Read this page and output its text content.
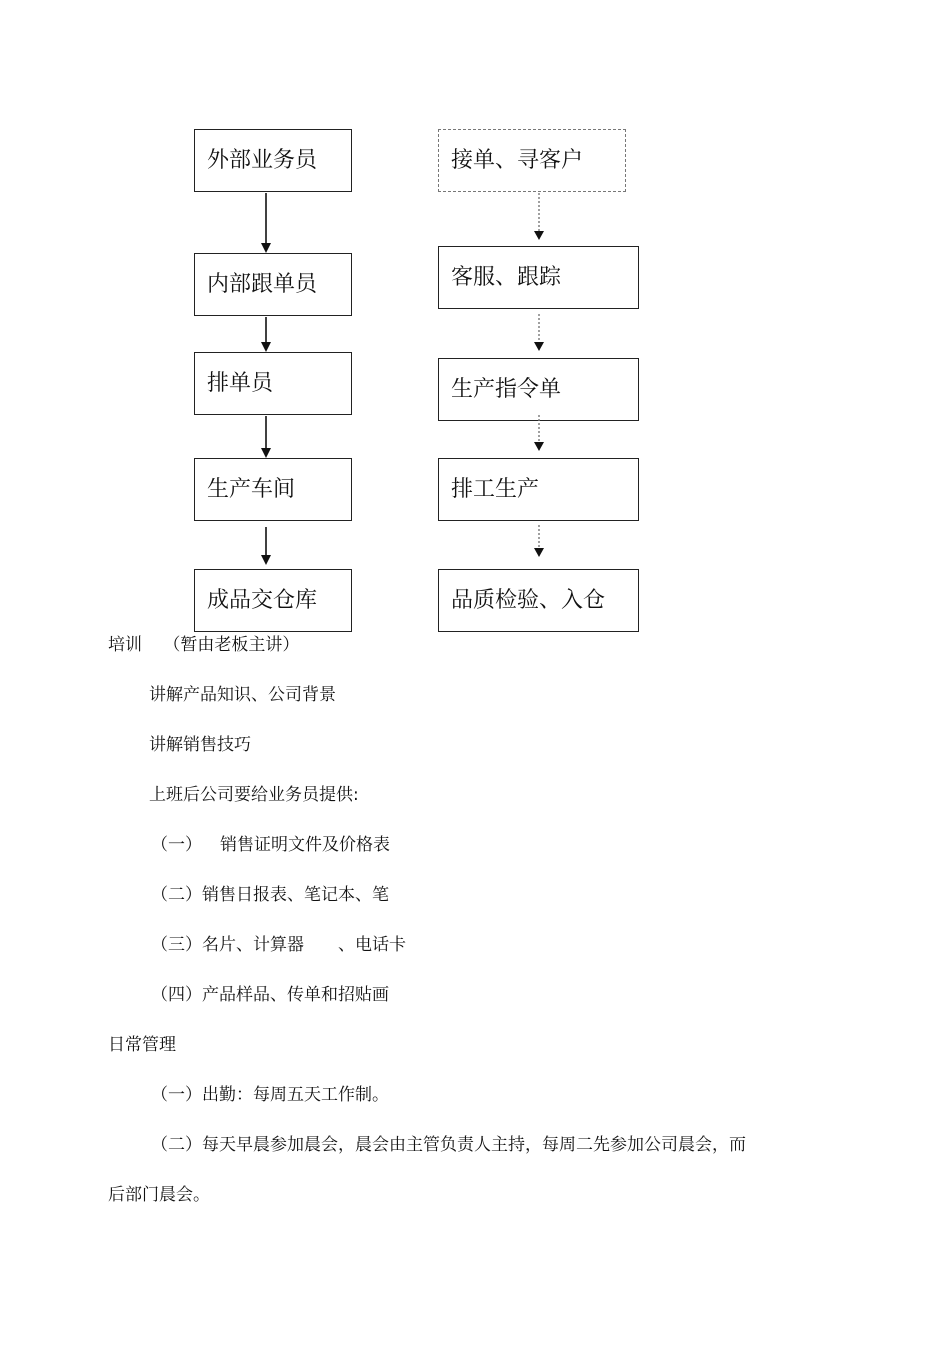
外部业务员
内部跟单员
排单员
生产车间
成品交仓库
接单、寻客户
客服、跟踪
生产指令单
排工生产
品质检验、入仓
培训 （暂由老板主讲）
讲解产品知识、公司背景
讲解销售技巧
上班后公司要给业务员提供:
（一） 销售证明文件及价格表
（二）销售日报表、笔记本、笔
（三）名片、计算器　　、电话卡
（四）产品样品、传单和招贴画
日常管理
（一）出勤：每周五天工作制。
（二）每天早晨参加晨会，晨会由主管负责人主持，每周二先参加公司晨会，而
后部门晨会。
